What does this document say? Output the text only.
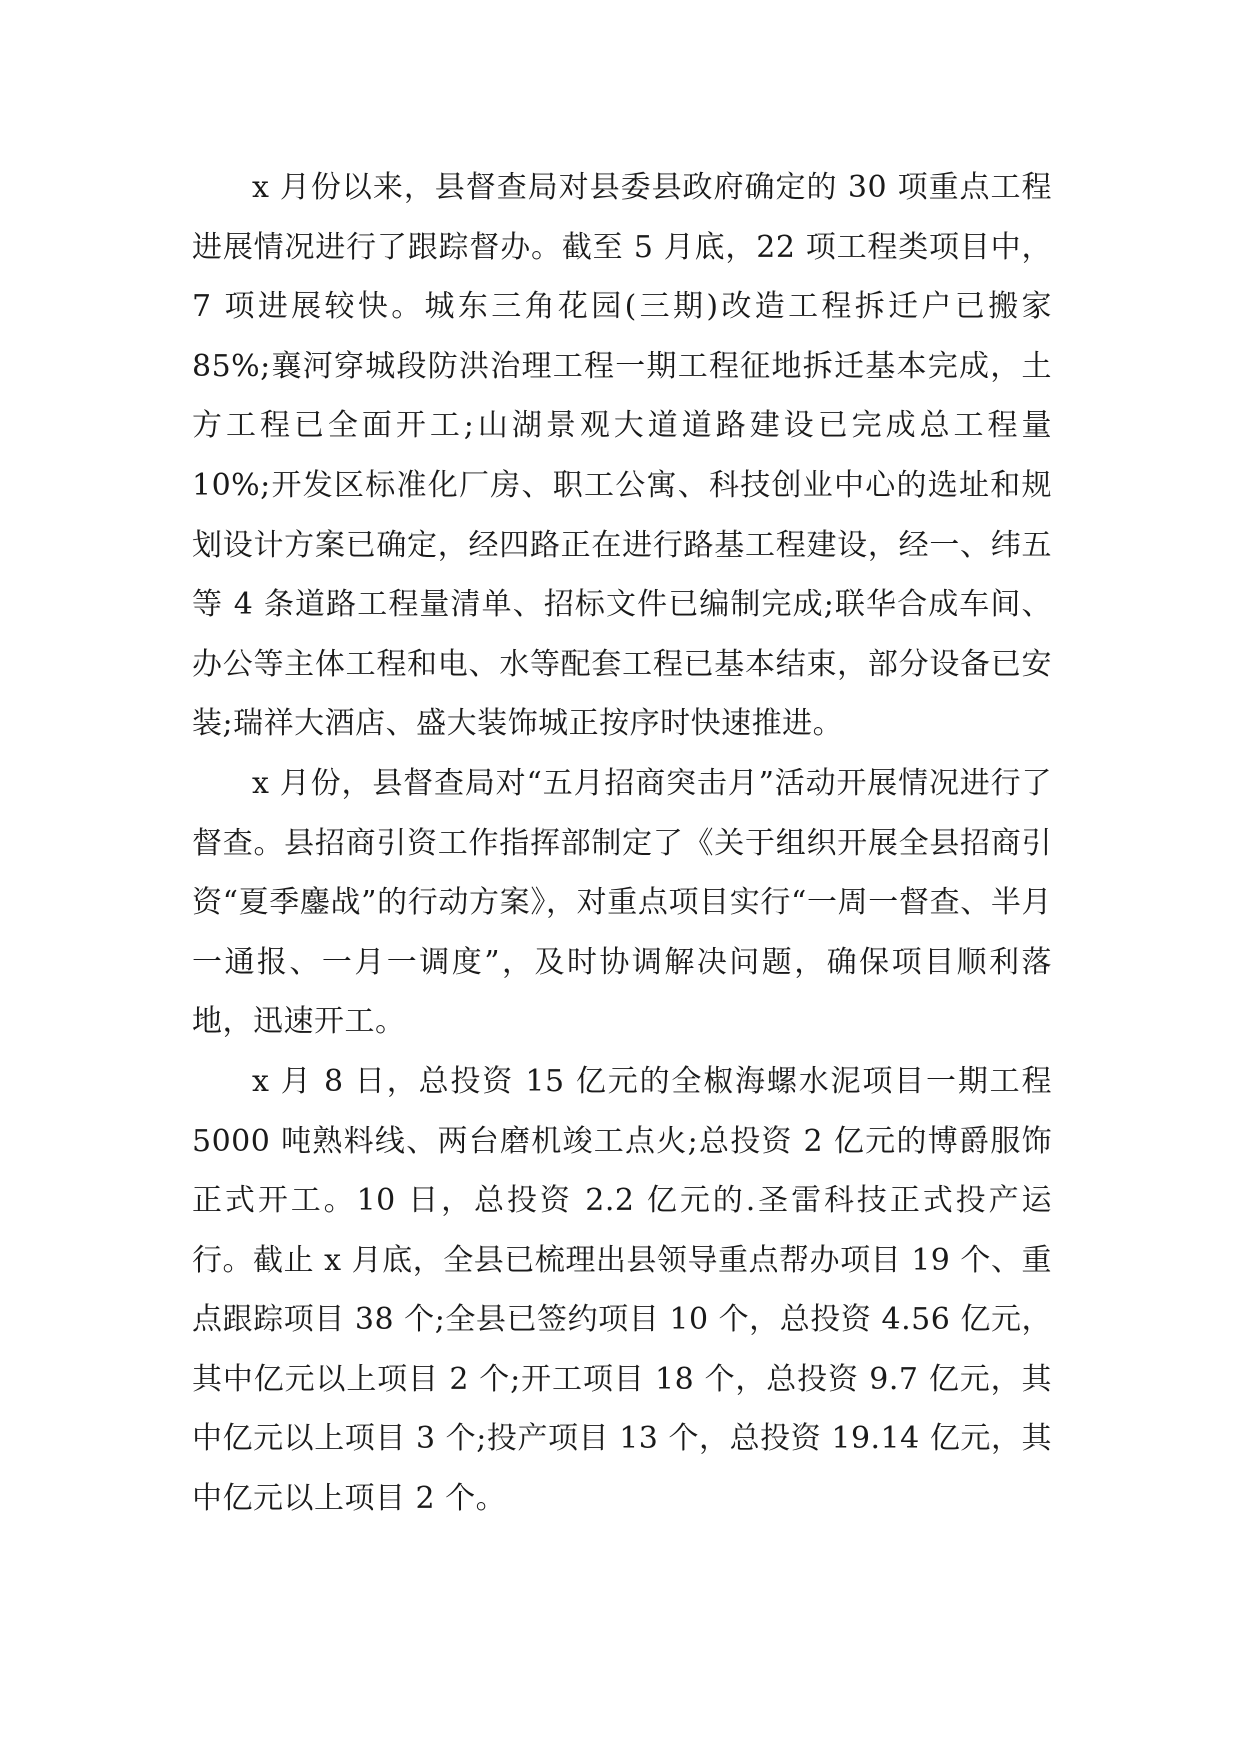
x 月份以来，县督查局对县委县政府确定的 30 项重点工程进展情况进行了跟踪督办。截至 5 月底，22 项工程类项目中，7 项进展较快。城东三角花园(三期)改造工程拆迁户已搬家 85%;襄河穿城段防洪治理工程一期工程征地拆迁基本完成，土方工程已全面开工;山湖景观大道道路建设已完成总工程量 10%;开发区标准化厂房、职工公寓、科技创业中心的选址和规划设计方案已确定，经四路正在进行路基工程建设，经一、纬五等 4 条道路工程量清单、招标文件已编制完成;联华合成车间、办公等主体工程和电、水等配套工程已基本结束，部分设备已安装;瑞祥大酒店、盛大装饰城正按序时快速推进。

x 月份，县督查局对“五月招商突击月”活动开展情况进行了督查。县招商引资工作指挥部制定了《关于组织开展全县招商引资“夏季鏖战”的行动方案》，对重点项目实行“一周一督查、半月一通报、一月一调度”，及时协调解决问题，确保项目顺利落地，迅速开工。

x 月 8 日，总投资 15 亿元的全椒海螺水泥项目一期工程 5000 吨熟料线、两台磨机竣工点火;总投资 2 亿元的博爵服饰正式开工。10 日，总投资 2.2 亿元的.圣雷科技正式投产运行。截止 x 月底，全县已梳理出县领导重点帮办项目 19 个、重点跟踪项目 38 个;全县已签约项目 10 个，总投资 4.56 亿元，其中亿元以上项目 2 个;开工项目 18 个，总投资 9.7 亿元，其中亿元以上项目 3 个;投产项目 13 个，总投资 19.14 亿元，其中亿元以上项目 2 个。
